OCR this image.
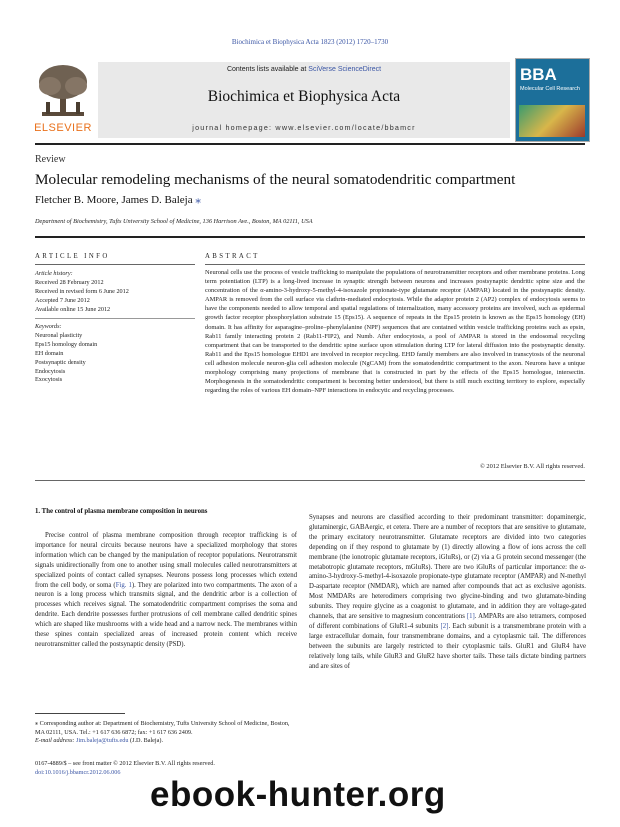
Biochimica et Biophysica Acta 1823 (2012) 1720–1730
Contents lists available at SciVerse ScienceDirect
Biochimica et Biophysica Acta
journal homepage: www.elsevier.com/locate/bbamcr
ELSEVIER
BBA
Molecular Cell Research
Review
Molecular remodeling mechanisms of the neural somatodendritic compartment
Fletcher B. Moore, James D. Baleja ⁎
Department of Biochemistry, Tufts University School of Medicine, 136 Harrison Ave., Boston, MA 02111, USA
ARTICLE INFO	ABSTRACT
Article history:
Received 28 February 2012
Received in revised form 6 June 2012
Accepted 7 June 2012
Available online 15 June 2012
Keywords:
Neuronal plasticity
Eps15 homology domain
EH domain
Postsynaptic density
Endocytosis
Exocytosis
Neuronal cells use the process of vesicle trafficking to manipulate the populations of neurotransmitter receptors and other membrane proteins. Long term potentiation (LTP) is a long-lived increase in synaptic strength between neurons and increases postsynaptic dendritic spine size and the concentration of the α-amino-3-hydroxy-5-methyl-4-isoxazole propionate-type glutamate receptor (AMPAR) located in the postsynaptic density. AMPAR is removed from the cell surface via clathrin-mediated endocytosis. While the adaptor protein 2 (AP2) complex of endocytosis seems to have the components needed to allow temporal and spatial regulations of internalization, many accessory proteins are involved, such as epidermal growth factor receptor phosphorylation substrate 15 (Eps15). A sequence of repeats in the Eps15 protein is known as the Eps15 homology (EH) domain. It has affinity for asparagine–proline–phenylalanine (NPF) sequences that are contained within vesicle trafficking proteins such as epsin, Rab11 family interacting protein 2 (Rab11-FIP2), and Numb. After endocytosis, a pool of AMPAR is stored in the endosomal recycling compartment that can be transported to the dendritic spine surface upon stimulation during LTP for lateral diffusion into the postsynaptic density. Rab11 and the Eps15 homologue EHD1 are involved in receptor recycling. EHD family members are also involved in transcytosis of the neuronal cell adhesion molecule neuron-glia cell adhesion molecule (NgCAM) from the somatodendritic compartment to the axon. Neurons have a unique morphology comprising many projections of membrane that is constructed in part by the effects of the Eps15 homologue, intersectin. Morphogenesis in the somatodendritic compartment is becoming better understood, but there is still much exciting territory to explore, especially regarding the roles of various EH domain–NPF interactions in endocytic and recycling processes.
© 2012 Elsevier B.V. All rights reserved.
1. The control of plasma membrane composition in neurons
Precise control of plasma membrane composition through receptor trafficking is of importance for neural circuits because neurons have a specialized morphology that stores information which can be changed by the manipulation of receptor populations. Neurotransmit signals unidirectionally from one to another using small molecules called neurotransmitters at specialized points of contact called synapses. Neurons possess long processes which extend from the cell body, or soma (Fig. 1). They are polarized into two compartments. The axon of a neuron is a long process which transmits signal, and the dendritic arbor is a collection of processes which receives signal. The somatodendritic compartment comprises the soma and dendrite. Each dendrite possesses further protrusions of cell membrane called dendritic spines which are shaped like mushrooms with a wide head and a narrow neck. The membranes within these spines contain specialized areas of increased protein content which receive neurotransmitter called the postsynaptic density (PSD).
Synapses and neurons are classified according to their predominant transmitter: dopaminergic, glutaminergic, GABAergic, et cetera. There are a number of receptors that are sensitive to glutamate, the primary excitatory neurotransmitter. Glutamate receptors are divided into two categories depending on if they respond to glutamate by (1) directly allowing a flow of ions across the cell membrane (the ionotropic glutamate receptors, iGluRs), or (2) via a G protein second messenger (the metabotropic glutamate receptors, mGluRs). There are two iGluRs of particular importance: the α-amino-3-hydroxy-5-methyl-4-isoxazole propionate-type glutamate receptor (AMPAR) and N-methyl D-aspartate receptor (NMDAR), which are named after compounds that act as exclusive agonists. Most NMDARs are heterodimers comprising two glycine-binding and two glutamate-binding subunits. They require glycine as a coagonist to glutamate, and in addition they are voltage-gated channels, that are sensitive to magnesium concentrations [1]. AMPARs are also tetramers, composed of different combinations of GluR1-4 subunits [2]. Each subunit is a transmembrane protein with a large extracellular domain, four transmembrane domains, and a cytoplasmic tail. The differences between the subunits are largely restricted to their cytoplasmic tails. GluR1 and GluR4 have relatively long tails, while GluR3 and GluR2 have shorter tails. These tails dictate binding partners and are sites of
⁎ Corresponding author at: Department of Biochemistry, Tufts University School of Medicine, Boston, MA 02111, USA. Tel.: +1 617 636 6872; fax: +1 617 636 2409.
E-mail address: Jim.baleja@tufts.edu (J.D. Baleja).
0167-4889/$ – see front matter © 2012 Elsevier B.V. All rights reserved.
doi:10.1016/j.bbamcr.2012.06.006
ebook-hunter.org
